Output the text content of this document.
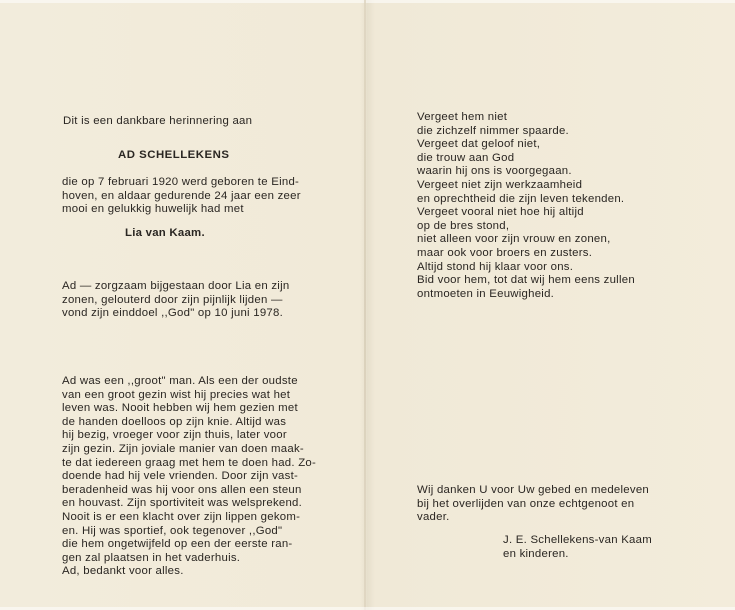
Dit is een dankbare herinnering aan
AD SCHELLEKENS
die op 7 februari 1920 werd geboren te Eind-
hoven, en aldaar gedurende 24 jaar een zeer
mooi en gelukkig huwelijk had met
Lia van Kaam.
Ad — zorgzaam bijgestaan door Lia en zijn
zonen, gelouterd door zijn pijnlijk lijden —
vond zijn einddoel ,,God" op 10 juni 1978.
Ad was een ,,groot" man. Als een der oudste
van een groot gezin wist hij precies wat het
leven was. Nooit hebben wij hem gezien met
de handen doelloos op zijn knie. Altijd was
hij bezig, vroeger voor zijn thuis, later voor
zijn gezin. Zijn joviale manier van doen maak-
te dat iedereen graag met hem te doen had. Zo-
doende had hij vele vrienden. Door zijn vast-
beradenheid was hij voor ons allen een steun
en houvast. Zijn sportiviteit was welsprekend.
Nooit is er een klacht over zijn lippen gekom-
en. Hij was sportief, ook tegenover ,,God"
die hem ongetwijfeld op een der eerste ran-
gen zal plaatsen in het vaderhuis.
Ad, bedankt voor alles.
Vergeet hem niet
die zichzelf nimmer spaarde.
Vergeet dat geloof niet,
die trouw aan God
waarin hij ons is voorgegaan.
Vergeet niet zijn werkzaamheid
en oprechtheid die zijn leven tekenden.
Vergeet vooral niet hoe hij altijd
op de bres stond,
niet alleen voor zijn vrouw en zonen,
maar ook voor broers en zusters.
Altijd stond hij klaar voor ons.
Bid voor hem, tot dat wij hem eens zullen
ontmoeten in Eeuwigheid.
Wij danken U voor Uw gebed en medeleven
bij het overlijden van onze echtgenoot en
vader.
J. E. Schellekens-van Kaam
en kinderen.
